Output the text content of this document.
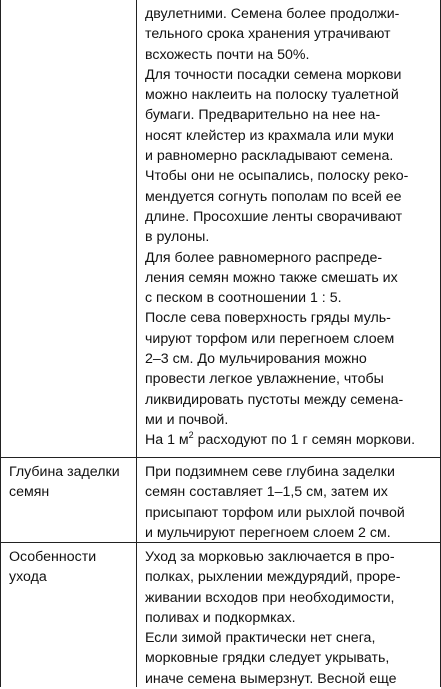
двулетними. Семена более продолжи-
тельного срока хранения утрачивают
всхожесть почти на 50%.
Для точности посадки семена моркови
можно наклеить на полоску туалетной
бумаги. Предварительно на нее на-
носят клейстер из крахмала или муки
и равномерно раскладывают семена.
Чтобы они не осыпались, полоску реко-
мендуется согнуть пополам по всей ее
длине. Просохшие ленты сворачивают
в рулоны.
Для более равномерного распреде-
ления семян можно также смешать их
с песком в соотношении 1 : 5.
После сева поверхность гряды муль-
чируют торфом или перегноем слоем
2–3 см. До мульчирования можно
провести легкое увлажнение, чтобы
ликвидировать пустоты между семена-
ми и почвой.
На 1 $м^2$ расходуют по 1 г семян моркови.
Глубина заделки
семян
При подзимнем севе глубина заделки
семян составляет 1–1,5 см, затем их
присыпают торфом или рыхлой почвой
и мульчируют перегноем слоем 2 см.
Особенности
ухода
Уход за морковью заключается в про-
полках, рыхлении междурядий, проре-
живании всходов при необходимости,
поливах и подкормках.
Если зимой практически нет снега,
морковные грядки следует укрывать,
иначе семена вымерзнут. Весной еще
